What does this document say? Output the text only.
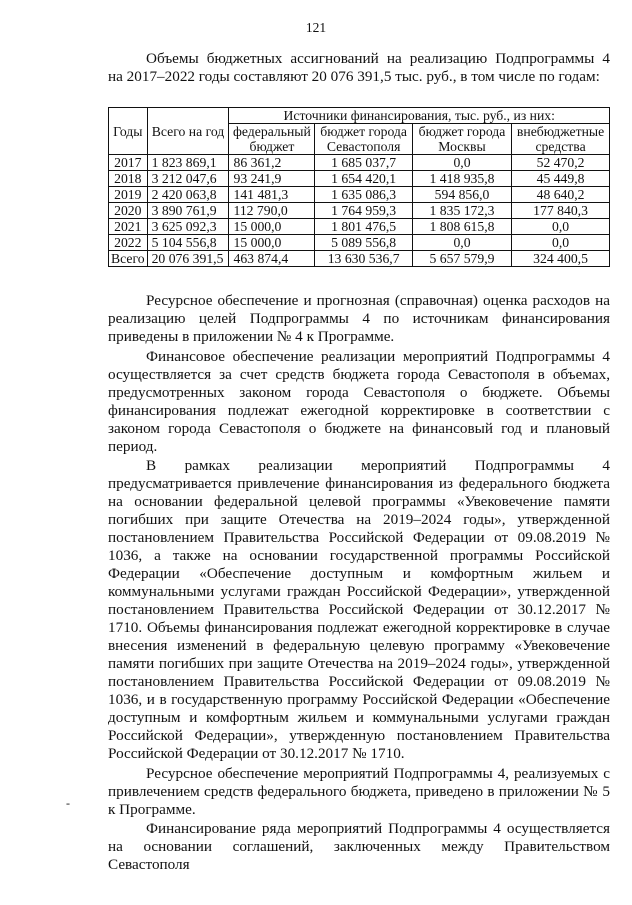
121
Объемы бюджетных ассигнований на реализацию Подпрограммы 4
на 2017–2022 годы составляют 20 076 391,5 тыс. руб., в том числе по годам:
Годы	Всего на год	Источники финансирования, тыс. руб., из них:			
		федеральный бюджет	бюджет города Севастополя	бюджет города Москвы	внебюджетные средства
2017	1 823 869,1	86 361,2	1 685 037,7	0,0	52 470,2
2018	3 212 047,6	93 241,9	1 654 420,1	1 418 935,8	45 449,8
2019	2 420 063,8	141 481,3	1 635 086,3	594 856,0	48 640,2
2020	3 890 761,9	112 790,0	1 764 959,3	1 835 172,3	177 840,3
2021	3 625 092,3	15 000,0	1 801 476,5	1 808 615,8	0,0
2022	5 104 556,8	15 000,0	5 089 556,8	0,0	0,0
Всего	20 076 391,5	463 874,4	13 630 536,7	5 657 579,9	324 400,5

Ресурсное обеспечение и прогнозная (справочная) оценка расходов на реализацию целей Подпрограммы 4 по источникам финансирования приведены в приложении № 4 к Программе.

Финансовое обеспечение реализации мероприятий Подпрограммы 4 осуществляется за счет средств бюджета города Севастополя в объемах, предусмотренных законом города Севастополя о бюджете. Объемы финансирования подлежат ежегодной корректировке в соответствии с законом города Севастополя о бюджете на финансовый год и плановый период.

В рамках реализации мероприятий Подпрограммы 4 предусматривается привлечение финансирования из федерального бюджета на основании федеральной целевой программы «Увековечение памяти погибших при защите Отечества на 2019–2024 годы», утвержденной постановлением Правительства Российской Федерации от 09.08.2019 № 1036, а также на основании государственной программы Российской Федерации «Обеспечение доступным и комфортным жильем и коммунальными услугами граждан Российской Федерации», утвержденной постановлением Правительства Российской Федерации от 30.12.2017 № 1710. Объемы финансирования подлежат ежегодной корректировке в случае внесения изменений в федеральную целевую программу «Увековечение памяти погибших при защите Отечества на 2019–2024 годы», утвержденной постановлением Правительства Российской Федерации от 09.08.2019 № 1036, и в государственную программу Российской Федерации «Обеспечение доступным и комфортным жильем и коммунальными услугами граждан Российской Федерации», утвержденную постановлением Правительства Российской Федерации от 30.12.2017 № 1710.

Ресурсное обеспечение мероприятий Подпрограммы 4, реализуемых с привлечением средств федерального бюджета, приведено в приложении № 5 к Программе.

Финансирование ряда мероприятий Подпрограммы 4 осуществляется на основании соглашений, заключенных между Правительством Севастополя

-
